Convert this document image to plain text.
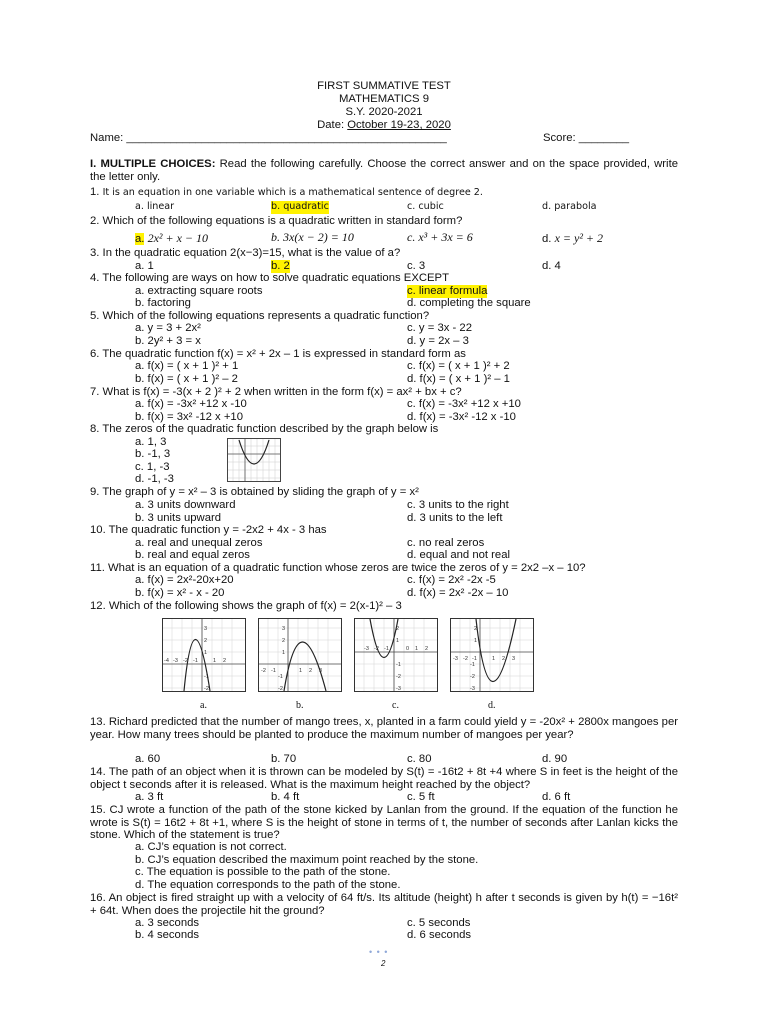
FIRST SUMMATIVE TEST
MATHEMATICS 9
S.Y. 2020-2021
Date: October 19-23, 2020
Name: ___________________________________________________	Score: ________
I. MULTIPLE CHOICES: Read the following carefully. Choose the correct answer and on the space provided, write the letter only.
1. It is an equation in one variable which is a mathematical sentence of degree 2.
a. linear	b. quadratic	c. cubic	d. parabola
2. Which of the following equations is a quadratic written in standard form?
a. 2x² + x − 10	b. 3x(x − 2) = 10	c. x³ + 3x = 6	d. x = y² + 2
3. In the quadratic equation 2(x−3)=15, what is the value of a?
a. 1	b. 2	c. 3	d. 4
4. The following are ways on how to solve quadratic equations EXCEPT
a. extracting square roots	c. linear formula
b. factoring	d. completing the square
5. Which of the following equations represents a quadratic function?
a. y = 3 + 2x²	c. y = 3x - 22
b. 2y² + 3 = x	d. y = 2x – 3
6. The quadratic function f(x) = x² + 2x – 1 is expressed in standard form as
a. f(x) = ( x + 1 )² + 1	c. f(x) = ( x + 1 )² + 2
b. f(x) = ( x + 1 )² – 2	d. f(x) = ( x + 1 )² – 1
7. What is f(x) = -3(x + 2 )² + 2 when written in the form f(x) = ax² + bx + c?
a. f(x) = -3x² +12 x -10	c. f(x) = -3x² +12 x +10
b. f(x) = 3x² -12 x +10	d. f(x) = -3x² -12 x -10
8. The zeros of the quadratic function described by the graph below is
a. 1, 3
b. -1, 3
c. 1, -3
d. -1, -3
9. The graph of y = x² – 3 is obtained by sliding the graph of y = x²
a. 3 units downward	c. 3 units to the right
b. 3 units upward	d. 3 units to the left
10. The quadratic function y = -2x2 + 4x - 3 has
a. real and unequal zeros	c. no real zeros
b. real and equal zeros	d. equal and not real
11. What is an equation of a quadratic function whose zeros are twice the zeros of y = 2x2 –x – 10?
a. f(x) = 2x²-20x+20	c. f(x) = 2x² -2x -5
b. f(x) = x² - x - 20	d. f(x) = 2x² -2x – 10
12. Which of the following shows the graph of f(x) = 2(x-1)² – 3
-4 -3 -2 -1	1 2
3
2
1
-1
-2
-2 -1	1 2 3
3
2
1
-1
-2
-3 -2 -1	0 1 2
2
1
-1
-2
-3
-3 -2 -1	1 2 3
2
1
-1
-2
-3
a.	b.	c.	d.
13. Richard predicted that the number of mango trees, x, planted in a farm could yield y = -20x² + 2800x mangoes per year. How many trees should be planted to produce the maximum number of mangoes per year?
a. 60	b. 70	c. 80	d. 90
14. The path of an object when it is thrown can be modeled by S(t) = -16t2 + 8t +4 where S in feet is the height of the object t seconds after it is released. What is the maximum height reached by the object?
a. 3 ft	b. 4 ft	c. 5 ft	d. 6 ft
15. CJ wrote a function of the path of the stone kicked by Lanlan from the ground. If the equation of the function he wrote is S(t) = 16t2 + 8t +1, where S is the height of stone in terms of t, the number of seconds after Lanlan kicks the stone. Which of the statement is true?
a. CJ’s equation is not correct.
b. CJ’s equation described the maximum point reached by the stone.
c. The equation is possible to the path of the stone.
d. The equation corresponds to the path of the stone.
16. An object is fired straight up with a velocity of 64 ft/s. Its altitude (height) h after t seconds is given by h(t) = −16t² + 64t. When does the projectile hit the ground?
a. 3 seconds	c. 5 seconds
b. 4 seconds	d. 6 seconds
• • •
2
